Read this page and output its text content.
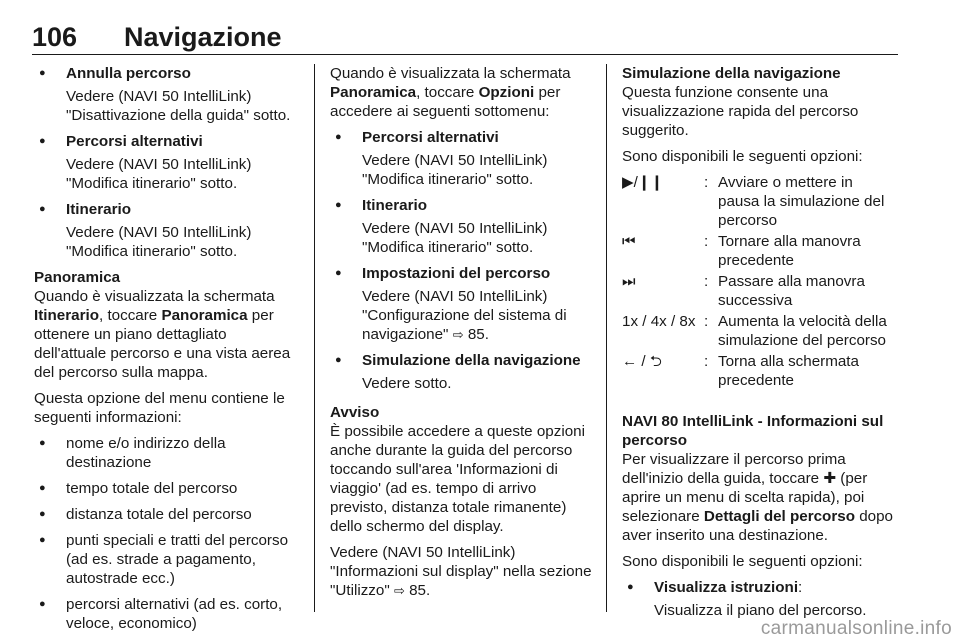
106 Navigazione
● Annulla percorso
Vedere (NAVI 50 IntelliLink) "Disattivazione della guida" sotto.
● Percorsi alternativi
Vedere (NAVI 50 IntelliLink) "Modifica itinerario" sotto.
● Itinerario
Vedere (NAVI 50 IntelliLink) "Modifica itinerario" sotto.
Panoramica
Quando è visualizzata la schermata Itinerario, toccare Panoramica per ottenere un piano dettagliato dell'attuale percorso e una vista aerea del percorso sulla mappa.
Questa opzione del menu contiene le seguenti informazioni:
● nome e/o indirizzo della destinazione
● tempo totale del percorso
● distanza totale del percorso
● punti speciali e tratti del percorso (ad es. strade a pagamento, autostrade ecc.)
● percorsi alternativi (ad es. corto, veloce, economico)
Quando è visualizzata la schermata Panoramica, toccare Opzioni per accedere ai seguenti sottomenu:
● Percorsi alternativi
Vedere (NAVI 50 IntelliLink) "Modifica itinerario" sotto.
● Itinerario
Vedere (NAVI 50 IntelliLink) "Modifica itinerario" sotto.
● Impostazioni del percorso
Vedere (NAVI 50 IntelliLink) "Configurazione del sistema di navigazione" ⇨ 85.
● Simulazione della navigazione
Vedere sotto.
Avviso
È possibile accedere a queste opzioni anche durante la guida del percorso toccando sull'area 'Informazioni di viaggio' (ad es. tempo di arrivo previsto, distanza totale rimanente) dello schermo del display.
Vedere (NAVI 50 IntelliLink) "Informazioni sul display" nella sezione "Utilizzo" ⇨ 85.
Simulazione della navigazione
Questa funzione consente una visualizzazione rapida del percorso suggerito.
Sono disponibili le seguenti opzioni:
▶/❙❙	: Avviare o mettere in pausa la simulazione del percorso
⏮	: Tornare alla manovra precedente
⏭	: Passare alla manovra successiva
1x / 4x / 8x : Aumenta la velocità della simulazione del percorso
← / ⮌	: Torna alla schermata precedente
NAVI 80 IntelliLink - Informazioni sul percorso
Per visualizzare il percorso prima dell'inizio della guida, toccare ✚ (per aprire un menu di scelta rapida), poi selezionare Dettagli del percorso dopo aver inserito una destinazione.
Sono disponibili le seguenti opzioni:
● Visualizza istruzioni:
Visualizza il piano del percorso.
carmanualsonline.info
